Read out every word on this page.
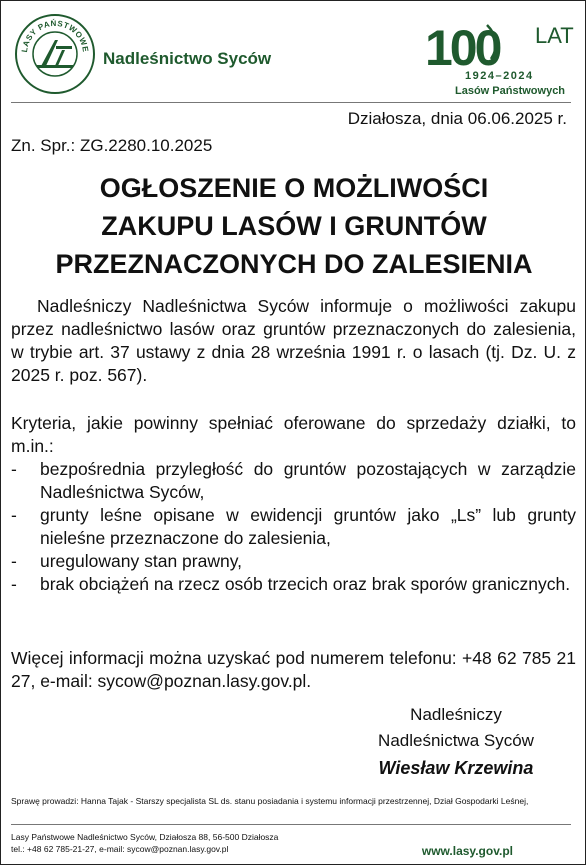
LASY PAŃSTWOWE Nadleśnictwo Syców	100 LAT
1924–2024
Lasów Państwowych
Działosza, dnia 06.06.2025 r.
Zn. Spr.: ZG.2280.10.2025
OGŁOSZENIE O MOŻLIWOŚCI
ZAKUPU LASÓW I GRUNTÓW
PRZEZNACZONYCH DO ZALESIENIA

Nadleśniczy Nadleśnictwa Syców informuje o możliwości zakupu przez nadleśnictwo lasów oraz gruntów przeznaczonych do zalesienia, w trybie art. 37 ustawy z dnia 28 września 1991 r. o lasach (tj. Dz. U. z 2025 r. poz. 567).

Kryteria, jakie powinny spełniać oferowane do sprzedaży działki, to m.in.:

- bezpośrednia przyległość do gruntów pozostających w zarządzie Nadleśnictwa Syców,
- grunty leśne opisane w ewidencji gruntów jako „Ls” lub grunty nieleśne przeznaczone do zalesienia,
- uregulowany stan prawny,
- brak obciążeń na rzecz osób trzecich oraz brak sporów granicznych.

Więcej informacji można uzyskać pod numerem telefonu: +48 62 785 21 27, e-mail: sycow@poznan.lasy.gov.pl.

Nadleśniczy
Nadleśnictwa Syców
Wiesław Krzewina
Sprawę prowadzi: Hanna Tajak - Starszy specjalista SL ds. stanu posiadania i systemu informacji przestrzennej, Dział Gospodarki Leśnej,
Lasy Państwowe Nadleśnictwo Syców, Działosza 88, 56-500 Działosza
tel.: +48 62 785-21-27, e-mail: sycow@poznan.lasy.gov.pl	www.lasy.gov.pl
